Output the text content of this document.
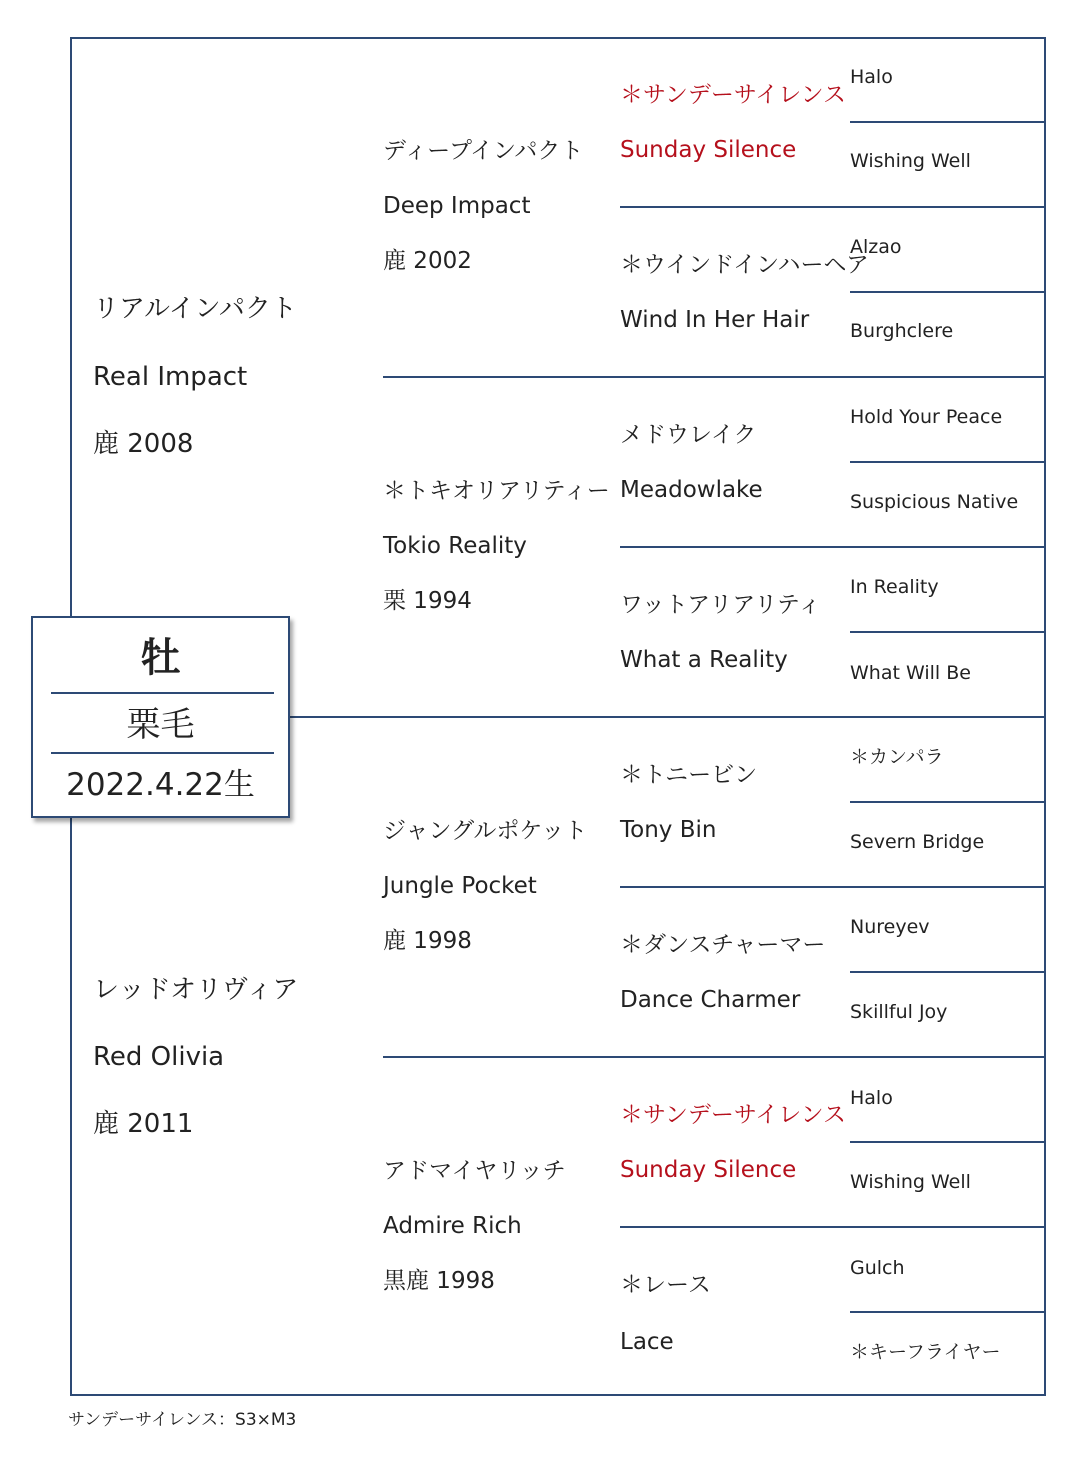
リアルインパクト
Real Impact
鹿 2008
レッドオリヴィア
Red Olivia
鹿 2011
ディープインパクト
Deep Impact
鹿 2002
＊トキオリアリティー
Tokio Reality
栗 1994
ジャングルポケット
Jungle Pocket
鹿 1998
アドマイヤリッチ
Admire Rich
黒鹿 1998
＊サンデーサイレンス
Sunday Silence
＊ウインドインハーヘア
Wind In Her Hair
メドウレイク
Meadowlake
ワットアリアリティ
What a Reality
＊トニービン
Tony Bin
＊ダンスチャーマー
Dance Charmer
＊サンデーサイレンス
Sunday Silence
＊レース
Lace
Halo
Wishing Well
Alzao
Burghclere
Hold Your Peace
Suspicious Native
In Reality
What Will Be
＊カンパラ
Severn Bridge
Nureyev
Skillful Joy
Halo
Wishing Well
Gulch
＊キーフライヤー
牡
栗毛
2022.4.22生
サンデーサイレンス：S3×M3
